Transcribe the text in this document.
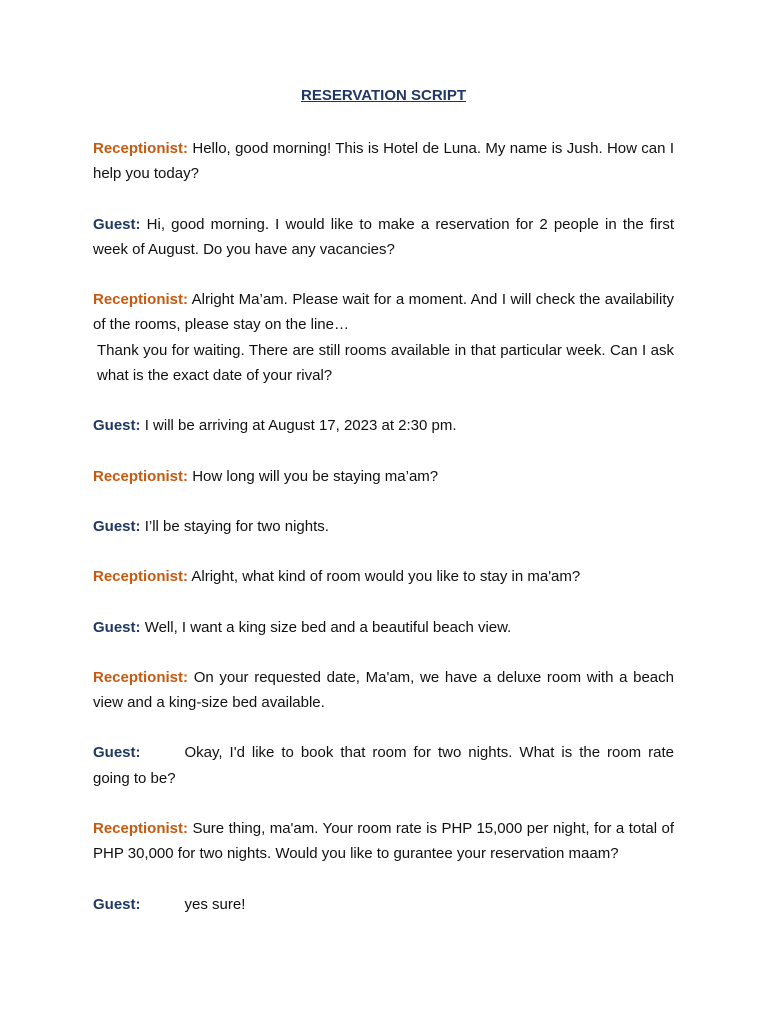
RESERVATION SCRIPT
Receptionist: Hello, good morning! This is Hotel de Luna. My name is Jush. How can I help you today?
Guest: Hi, good morning. I would like to make a reservation for 2 people in the first week of August. Do you have any vacancies?
Receptionist: Alright Ma’am. Please wait for a moment. And I will check the availability of the rooms, please stay on the line…
Thank you for waiting. There are still rooms available in that particular week. Can I ask what is the exact date of your rival?
Guest: I will be arriving at August 17, 2023 at 2:30 pm.
Receptionist: How long will you be staying ma’am?
Guest: I’ll be staying for two nights.
Receptionist: Alright, what kind of room would you like to stay in ma'am?
Guest: Well, I want a king size bed and a beautiful beach view.
Receptionist: On your requested date, Ma'am, we have a deluxe room with a beach view and a king-size bed available.
Guest:	Okay, I'd like to book that room for two nights. What is the room rate going to be?
Receptionist: Sure thing, ma'am. Your room rate is PHP 15,000 per night, for a total of PHP 30,000 for two nights. Would you like to gurantee your reservation maam?
Guest:	yes sure!
